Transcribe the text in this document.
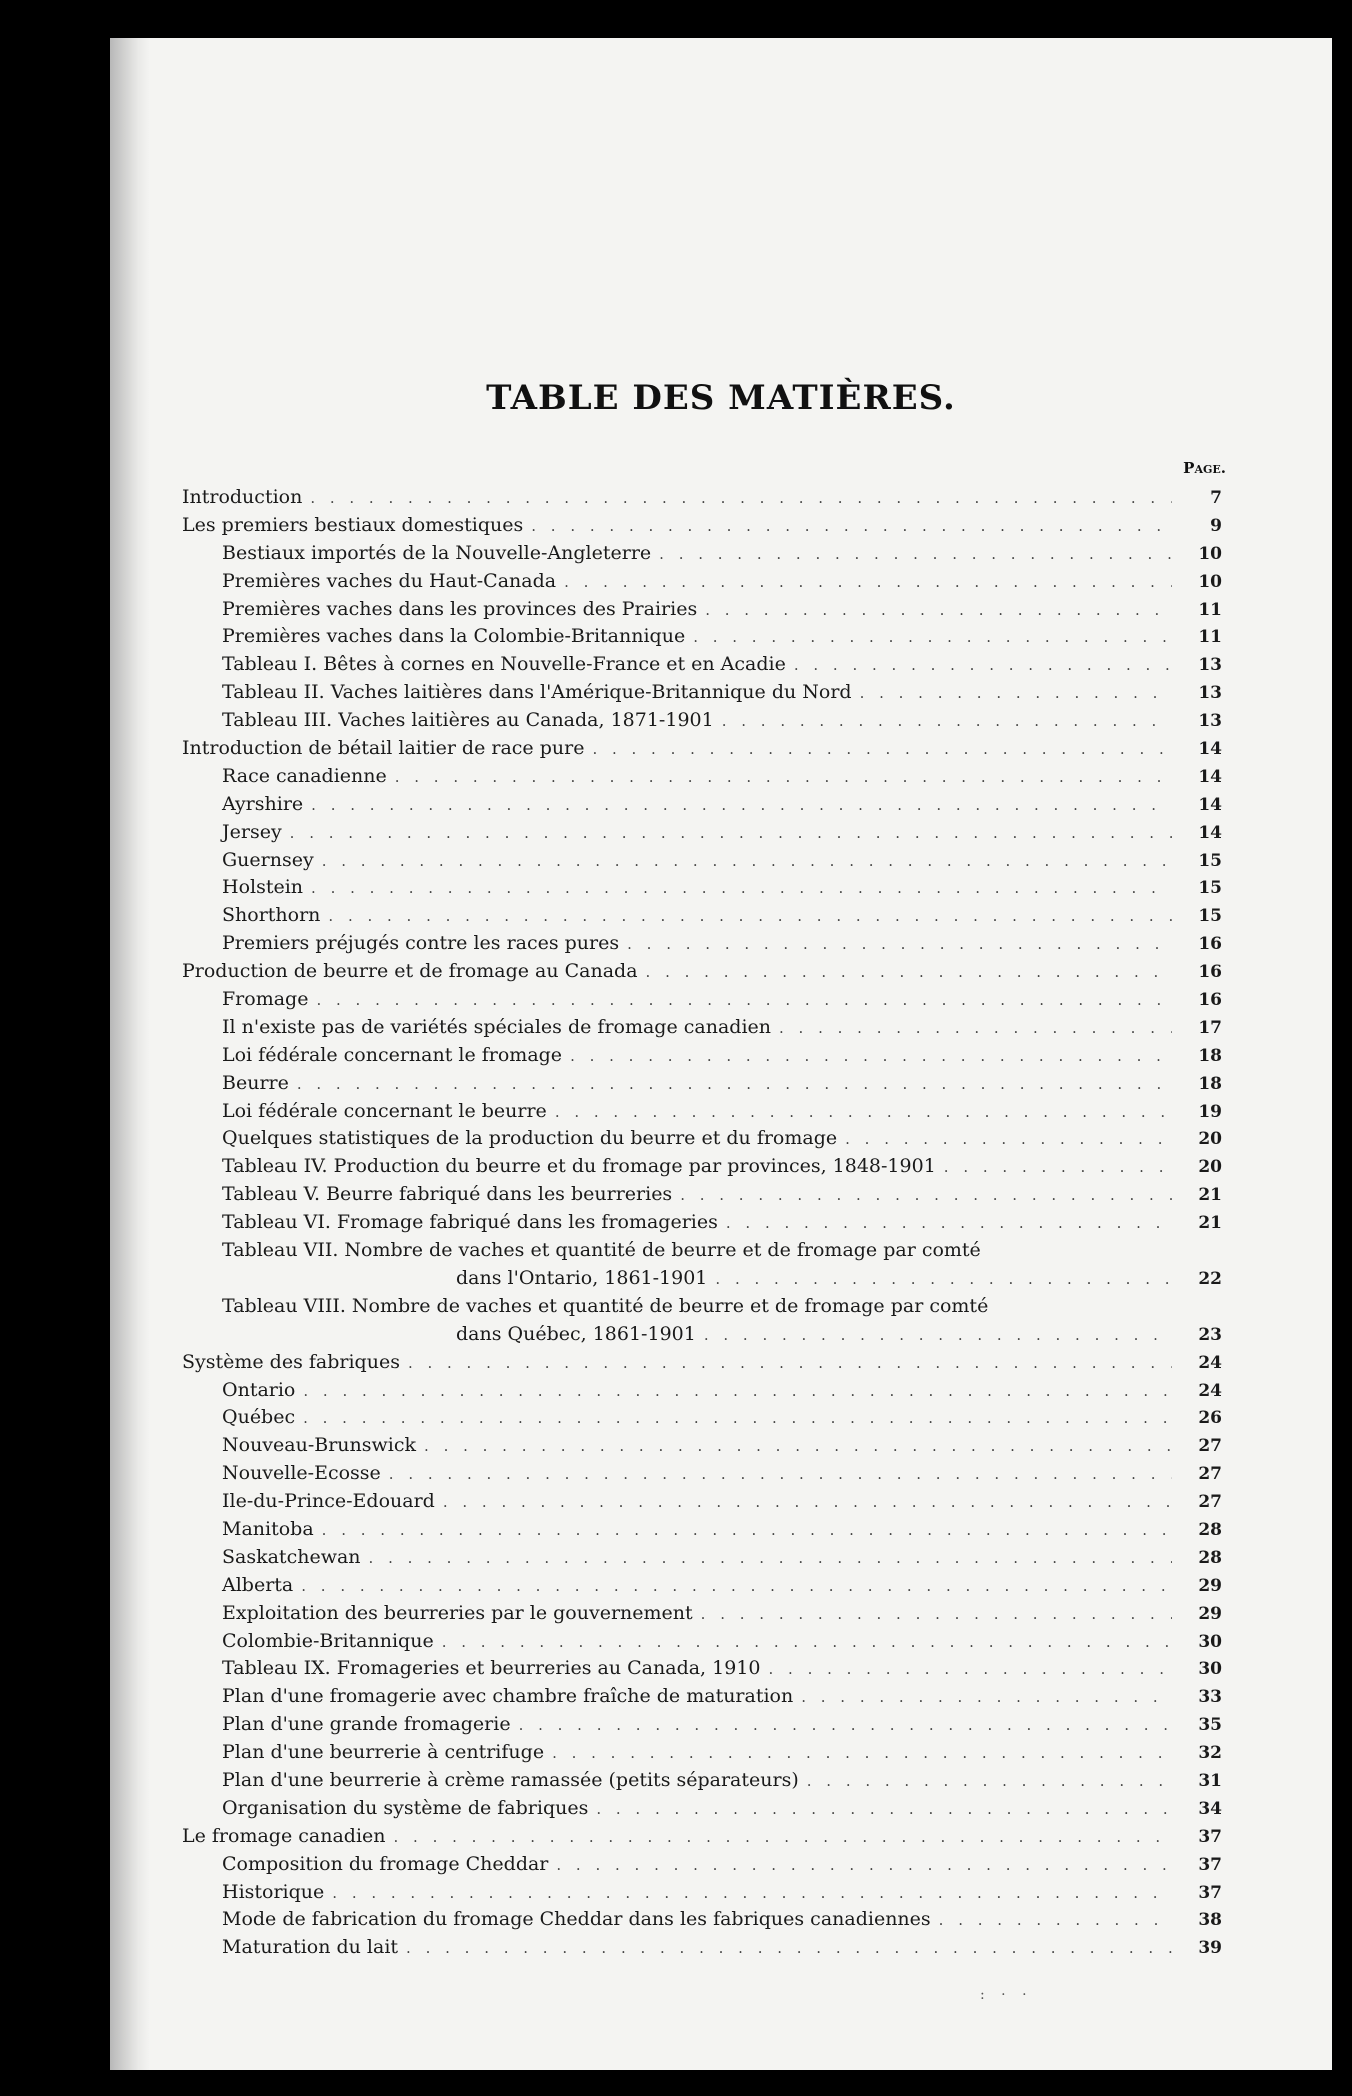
TABLE DES MATIÈRES.
Page.
Introduction . . .	7
Les premiers bestiaux domestiques . . .	9
Bestiaux importés de la Nouvelle-Angleterre . . .	10
Premières vaches du Haut-Canada . . .	10
Premières vaches dans les provinces des Prairies . . .	11
Premières vaches dans la Colombie-Britannique . . .	11
Tableau I. Bêtes à cornes en Nouvelle-France et en Acadie . . .	13
Tableau II. Vaches laitières dans l'Amérique-Britannique du Nord . . .	13
Tableau III. Vaches laitières au Canada, 1871-1901 . . .	13
Introduction de bétail laitier de race pure . . .	14
Race canadienne . . .	14
Ayrshire . . .	14
Jersey . . .	14
Guernsey . . .	15
Holstein . . .	15
Shorthorn . . .	15
Premiers préjugés contre les races pures . . .	16
Production de beurre et de fromage au Canada . . .	16
Fromage . . .	16
Il n'existe pas de variétés spéciales de fromage canadien . . .	17
Loi fédérale concernant le fromage . . .	18
Beurre . . .	18
Loi fédérale concernant le beurre . . .	19
Quelques statistiques de la production du beurre et du fromage . . .	20
Tableau IV. Production du beurre et du fromage par provinces, 1848-1901 . . .	20
Tableau V. Beurre fabriqué dans les beurreries . . .	21
Tableau VI. Fromage fabriqué dans les fromageries . . .	21
Tableau VII. Nombre de vaches et quantité de beurre et de fromage par comté
dans l'Ontario, 1861-1901 . . .	22
Tableau VIII. Nombre de vaches et quantité de beurre et de fromage par comté
dans Québec, 1861-1901 . . .	23
Système des fabriques . . .	24
Ontario . . .	24
Québec . . .	26
Nouveau-Brunswick . . .	27
Nouvelle-Ecosse . . .	27
Ile-du-Prince-Edouard . . .	27
Manitoba . . .	28
Saskatchewan . . .	28
Alberta . . .	29
Exploitation des beurreries par le gouvernement . . .	29
Colombie-Britannique . . .	30
Tableau IX. Fromageries et beurreries au Canada, 1910 . . .	30
Plan d'une fromagerie avec chambre fraîche de maturation . . .	33
Plan d'une grande fromagerie . . .	35
Plan d'une beurrerie à centrifuge . . .	32
Plan d'une beurrerie à crème ramassée (petits séparateurs) . . .	31
Organisation du système de fabriques . . .	34
Le fromage canadien . . .	37
Composition du fromage Cheddar . . .	37
Historique . . .	37
Mode de fabrication du fromage Cheddar dans les fabriques canadiennes . . .	38
Maturation du lait . . .	39
: · ·
